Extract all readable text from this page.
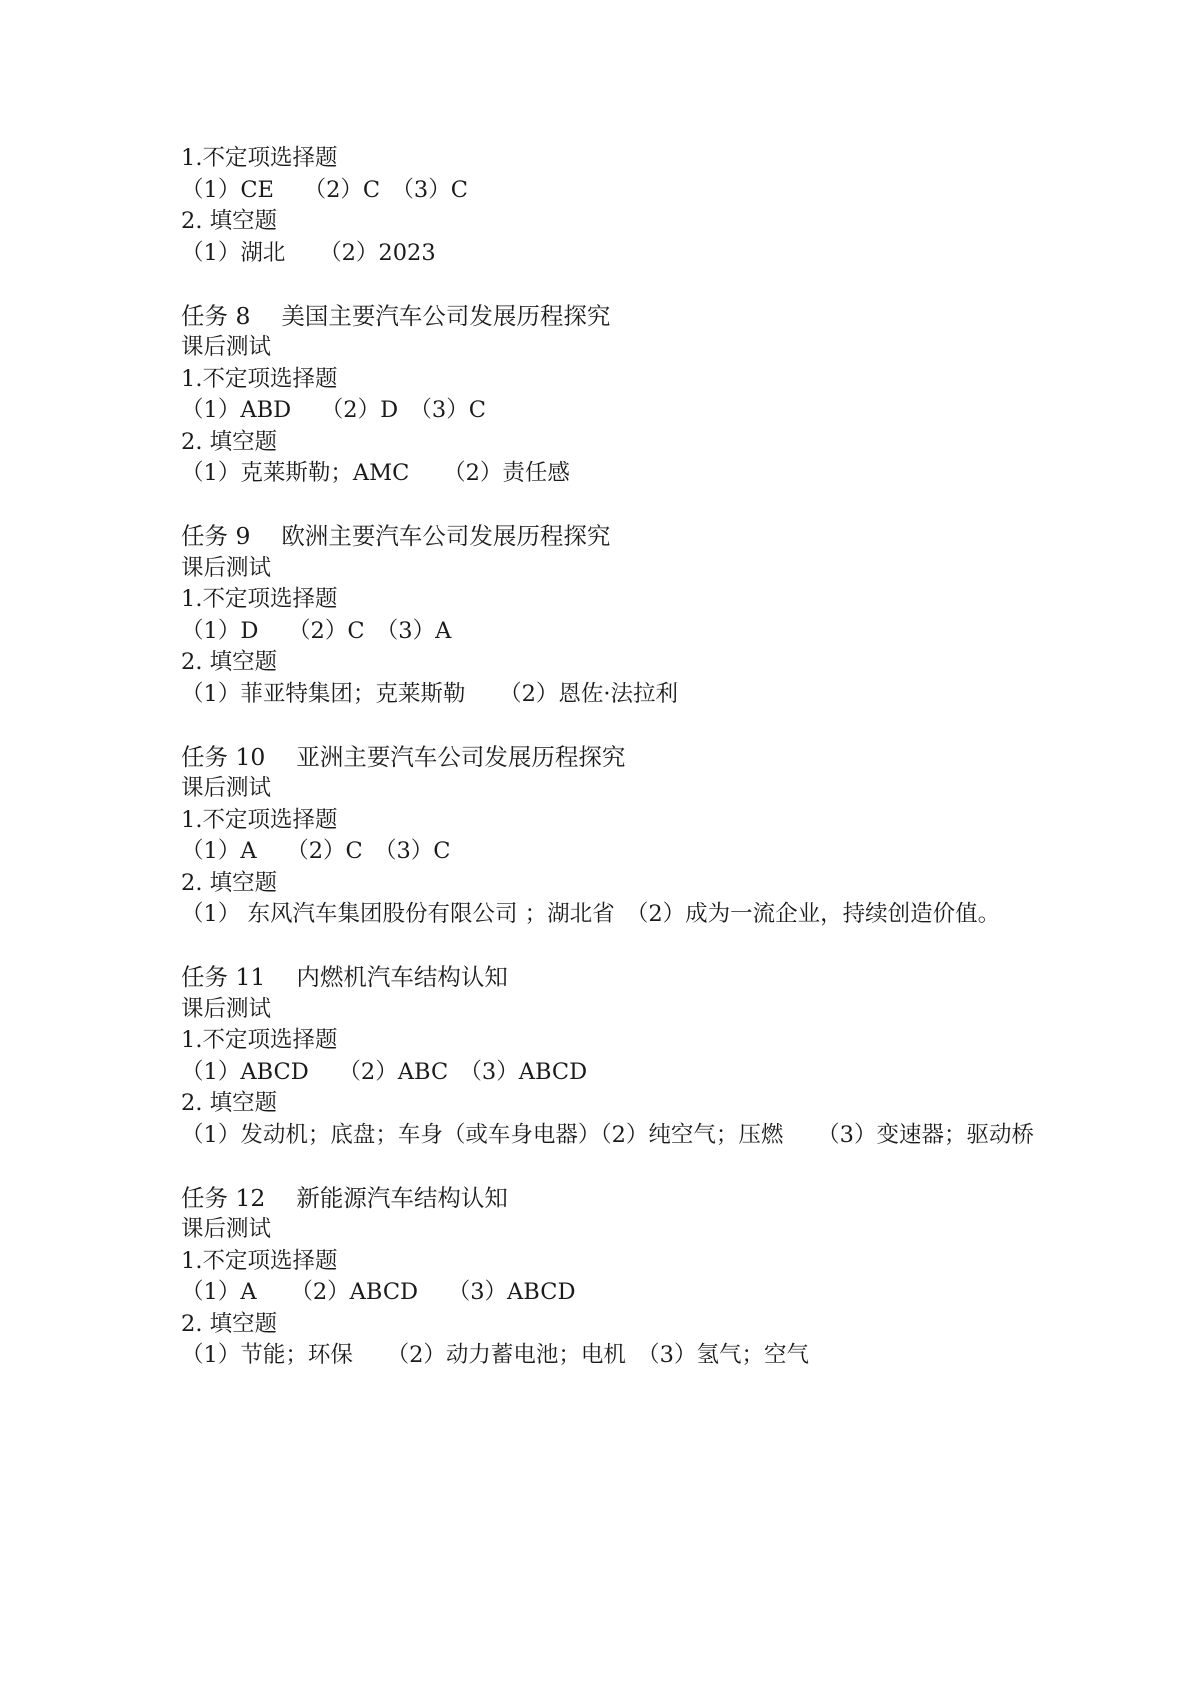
1.不定项选择题
（1）CE　 （2）C　（3）C
2. 填空题
（1）湖北　　（2）2023
任务 8　 美国主要汽车公司发展历程探究
课后测试
1.不定项选择题
（1）ABD　 （2）D　（3）C
2. 填空题
（1）克莱斯勒；AMC　　（2）责任感
任务 9　 欧洲主要汽车公司发展历程探究
课后测试
1.不定项选择题
（1）D　 （2）C　（3）A
2. 填空题
（1）菲亚特集团；克莱斯勒　　（2）恩佐·法拉利
任务 10　 亚洲主要汽车公司发展历程探究
课后测试
1.不定项选择题
（1）A　 （2）C　（3）C
2. 填空题
（1） 东风汽车集团股份有限公司 ；湖北省　（2）成为一流企业，持续创造价值。
任务 11　 内燃机汽车结构认知
课后测试
1.不定项选择题
（1）ABCD　 （2）ABC　（3）ABCD
2. 填空题
（1）发动机；底盘；车身（或车身电器）（2）纯空气；压燃　　（3）变速器；驱动桥
任务 12　 新能源汽车结构认知
课后测试
1.不定项选择题
（1）A　　（2）ABCD　 （3）ABCD
2. 填空题
（1）节能；环保　　（2）动力蓄电池；电机　（3）氢气；空气
